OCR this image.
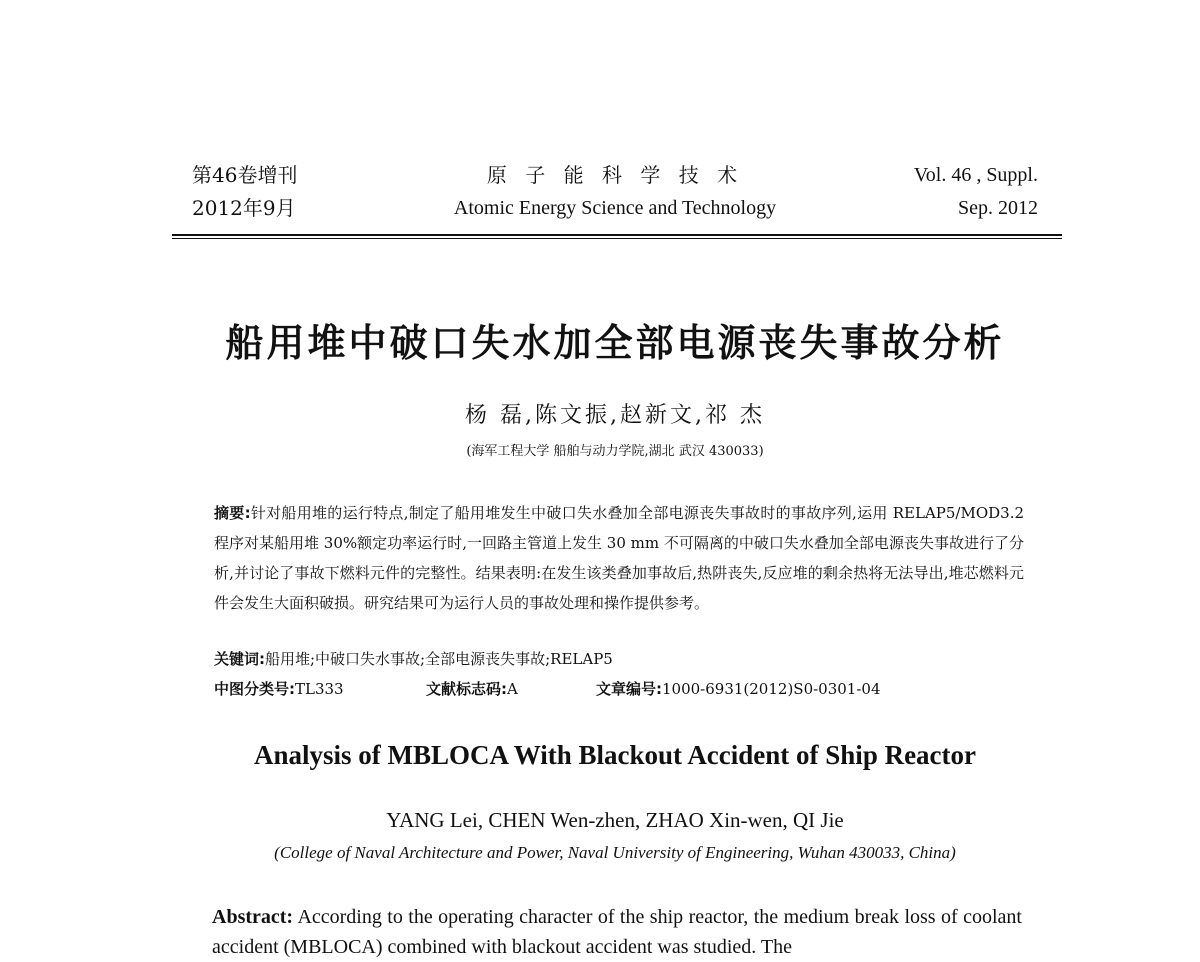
第46卷增刊
2012年9月
原 子 能 科 学 技 术
Atomic Energy Science and Technology
Vol. 46 , Suppl.
Sep. 2012
船用堆中破口失水加全部电源丧失事故分析
杨 磊,陈文振,赵新文,祁 杰
(海军工程大学 船舶与动力学院,湖北 武汉 430033)
摘要:针对船用堆的运行特点,制定了船用堆发生中破口失水叠加全部电源丧失事故时的事故序列,运用 RELAP5/MOD3.2 程序对某船用堆 30%额定功率运行时,一回路主管道上发生 30 mm 不可隔离的中破口失水叠加全部电源丧失事故进行了分析,并讨论了事故下燃料元件的完整性。结果表明:在发生该类叠加事故后,热阱丧失,反应堆的剩余热将无法导出,堆芯燃料元件会发生大面积破损。研究结果可为运行人员的事故处理和操作提供参考。
关键词:船用堆;中破口失水事故;全部电源丧失事故;RELAP5
中图分类号:TL333	文献标志码:A	文章编号:1000-6931(2012)S0-0301-04
Analysis of MBLOCA With Blackout Accident of Ship Reactor
YANG Lei, CHEN Wen-zhen, ZHAO Xin-wen, QI Jie
(College of Naval Architecture and Power, Naval University of Engineering, Wuhan 430033, China)
Abstract: According to the operating character of the ship reactor, the medium break loss of coolant accident (MBLOCA) combined with blackout accident was studied. The
